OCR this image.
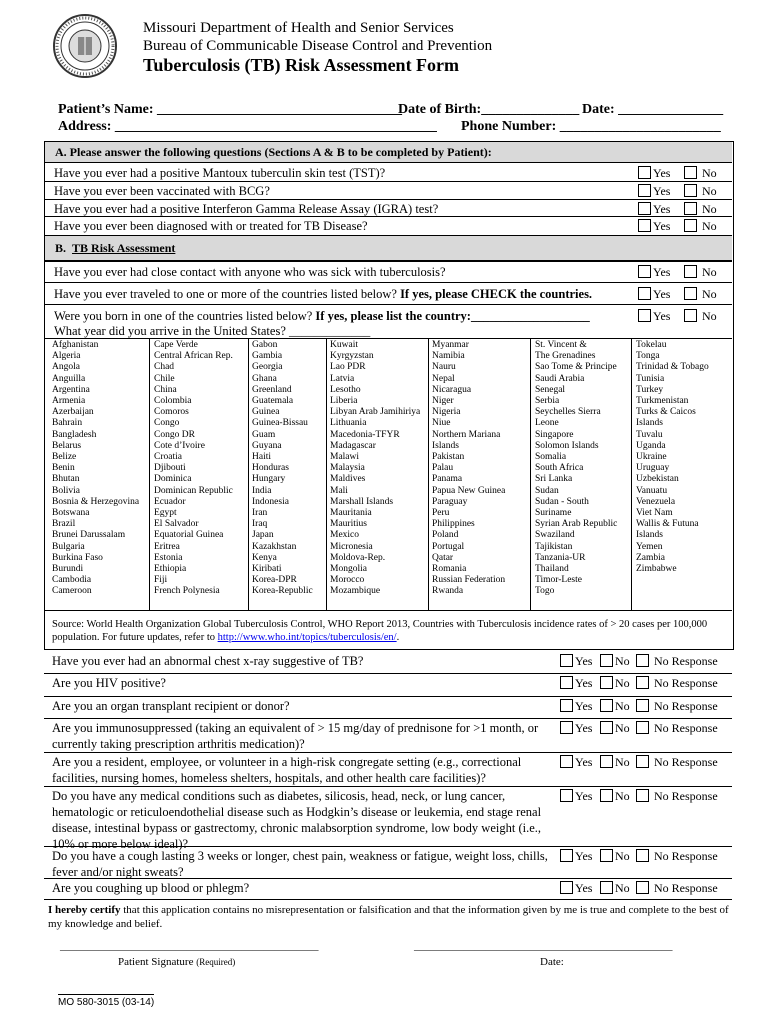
Missouri Department of Health and Senior Services
Bureau of Communicable Disease Control and Prevention
Tuberculosis (TB) Risk Assessment Form
Patient’s Name: ___________________________________
Date of Birth:______________ Date: _______________
Address: ______________________________________________ Phone Number: _______________________
A. Please answer the following questions (Sections A & B to be completed by Patient):
Have you ever had a positive Mantoux tuberculin skin test (TST)?	Yes	No
Have you ever been vaccinated with BCG?	Yes	No
Have you ever had a positive Interferon Gamma Release Assay (IGRA) test?	Yes	No
Have you ever been diagnosed with or treated for TB Disease?	Yes	No
B. TB Risk Assessment
Have you ever had close contact with anyone who was sick with tuberculosis?	Yes	No
Have you ever traveled to one or more of the countries listed below? If yes, please CHECK the countries.	Yes	No
Were you born in one of the countries listed below? If yes, please list the country:___________________	Yes	No
What year did you arrive in the United States? _____________
Afghanistan
Algeria
Angola
Anguilla
Argentina
Armenia
Azerbaijan
Bahrain
Bangladesh
Belarus
Belize
Benin
Bhutan
Bolivia
Bosnia & Herzegovina
Botswana
Brazil
Brunei Darussalam
Bulgaria
Burkina Faso
Burundi
Cambodia
Cameroon
Cape Verde
Central African Rep.
Chad
Chile
China
Colombia
Comoros
Congo
Congo DR
Cote d’Ivoire
Croatia
Djibouti
Dominica
Dominican Republic
Ecuador
Egypt
El Salvador
Equatorial Guinea
Eritrea
Estonia
Ethiopia
Fiji
French Polynesia
Gabon
Gambia
Georgia
Ghana
Greenland
Guatemala
Guinea
Guinea-Bissau
Guam
Guyana
Haiti
Honduras
Hungary
India
Indonesia
Iran
Iraq
Japan
Kazakhstan
Kenya
Kiribati
Korea-DPR
Korea-Republic
Kuwait
Kyrgyzstan
Lao PDR
Latvia
Lesotho
Liberia
Libyan Arab Jamihiriya
Lithuania
Macedonia-TFYR
Madagascar
Malawi
Malaysia
Maldives
Mali
Marshall Islands
Mauritania
Mauritius
Mexico
Micronesia
Moldova-Rep.
Mongolia
Morocco
Mozambique
Myanmar
Namibia
Nauru
Nepal
Nicaragua
Niger
Nigeria
Niue
Northern Mariana
Islands
Pakistan
Palau
Panama
Papua New Guinea
Paraguay
Peru
Philippines
Poland
Portugal
Qatar
Romania
Russian Federation
Rwanda
St. Vincent &
The Grenadines
Sao Tome & Principe
Saudi Arabia
Senegal
Serbia
Seychelles Sierra
Leone
Singapore
Solomon Islands
Somalia
South Africa
Sri Lanka
Sudan
Sudan - South
Suriname
Syrian Arab Republic
Swaziland
Tajikistan
Tanzania-UR
Thailand
Timor-Leste
Togo
Tokelau
Tonga
Trinidad & Tobago
Tunisia
Turkey
Turkmenistan
Turks & Caicos
Islands
Tuvalu
Uganda
Ukraine
Uruguay
Uzbekistan
Vanuatu
Venezuela
Viet Nam
Wallis & Futuna
Islands
Yemen
Zambia
Zimbabwe
Source: World Health Organization Global Tuberculosis Control, WHO Report 2013, Countries with Tuberculosis incidence rates of > 20 cases per 100,000 population. For future updates, refer to http://www.who.int/topics/tuberculosis/en/.
Have you ever had an abnormal chest x-ray suggestive of TB?	Yes	No	No Response
Are you HIV positive?	Yes	No	No Response
Are you an organ transplant recipient or donor?	Yes	No	No Response
Are you immunosuppressed (taking an equivalent of > 15 mg/day of prednisone for >1 month, or currently taking prescription arthritis medication)?
Yes	No	No Response
Are you a resident, employee, or volunteer in a high-risk congregate setting (e.g., correctional facilities, nursing homes, homeless shelters, hospitals, and other health care facilities)?
Yes	No	No Response
Do you have any medical conditions such as diabetes, silicosis, head, neck, or lung cancer, hematologic or reticuloendothelial disease such as Hodgkin’s disease or leukemia, end stage renal disease, intestinal bypass or gastrectomy, chronic malabsorption syndrome, low body weight (i.e., 10% or more below ideal)?
Yes	No	No Response
Do you have a cough lasting 3 weeks or longer, chest pain, weakness or fatigue, weight loss, chills, fever and/or night sweats?
Yes	No	No Response
Are you coughing up blood or phlegm?	Yes	No	No Response
I hereby certify that this application contains no misrepresentation or falsification and that the information given by me is true and complete to the best of my knowledge and belief.
_______________________________________________
Patient Signature (Required)
_______________________________________________
Date:
MO 580-3015 (03-14)
